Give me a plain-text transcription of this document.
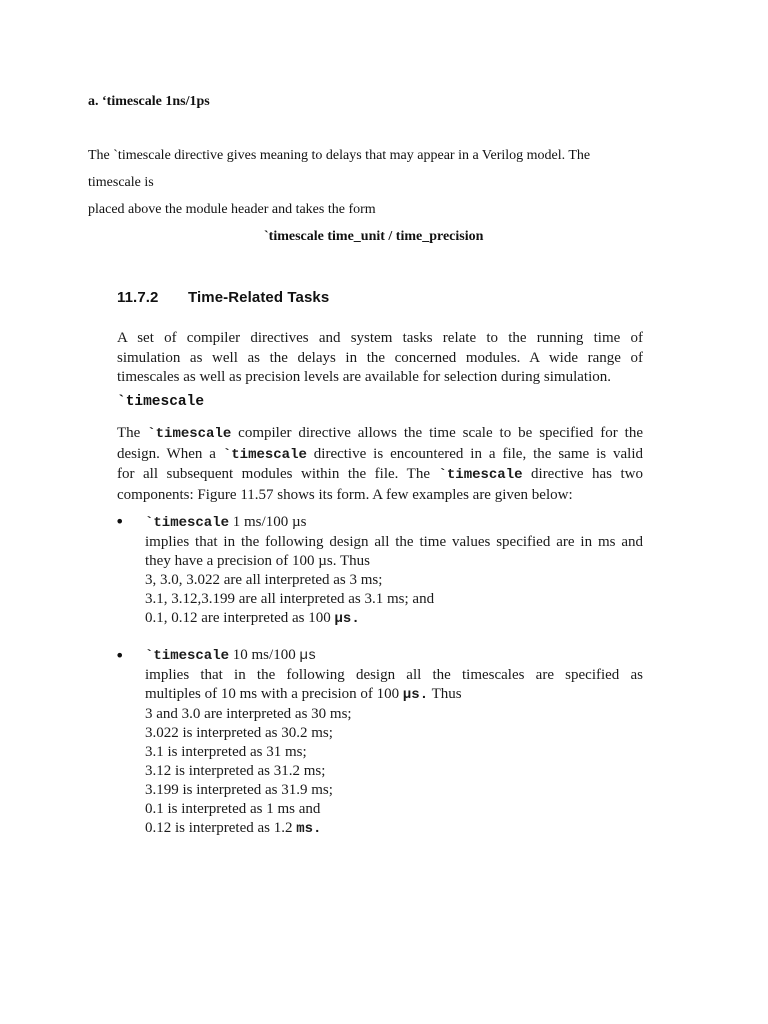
a. ‘timescale 1ns/1ps

The `timescale directive gives meaning to delays that may appear in a Verilog model. The

timescale is

placed above the module header and takes the form

`timescale time_unit / time_precision

11.7.2 Time-Related Tasks

A set of compiler directives and system tasks relate to the running time of
simulation as well as the delays in the concerned modules. A wide range of
timescales as well as precision levels are available for selection during simulation.

`timescale

The `timescale compiler directive allows the time scale to be specified for the
design. When a `timescale directive is encountered in a file, the same is valid
for all subsequent modules within the file. The `timescale directive has two
components: Figure 11.57 shows its form. A few examples are given below:
• `timescale 1 ms/100 µs
implies that in the following design all the time values specified are in ms and
they have a precision of 100 µs. Thus
3, 3.0, 3.022 are all interpreted as 3 ms;
3.1, 3.12,3.199 are all interpreted as 3.1 ms; and
0.1, 0.12 are interpreted as 100 µs.
• `timescale 10 ms/100 µs
implies that in the following design all the timescales are specified as
multiples of 10 ms with a precision of 100 µs. Thus
3 and 3.0 are interpreted as 30 ms;
3.022 is interpreted as 30.2 ms;
3.1 is interpreted as 31 ms;
3.12 is interpreted as 31.2 ms;
3.199 is interpreted as 31.9 ms;
0.1 is interpreted as 1 ms and
0.12 is interpreted as 1.2 ms.
